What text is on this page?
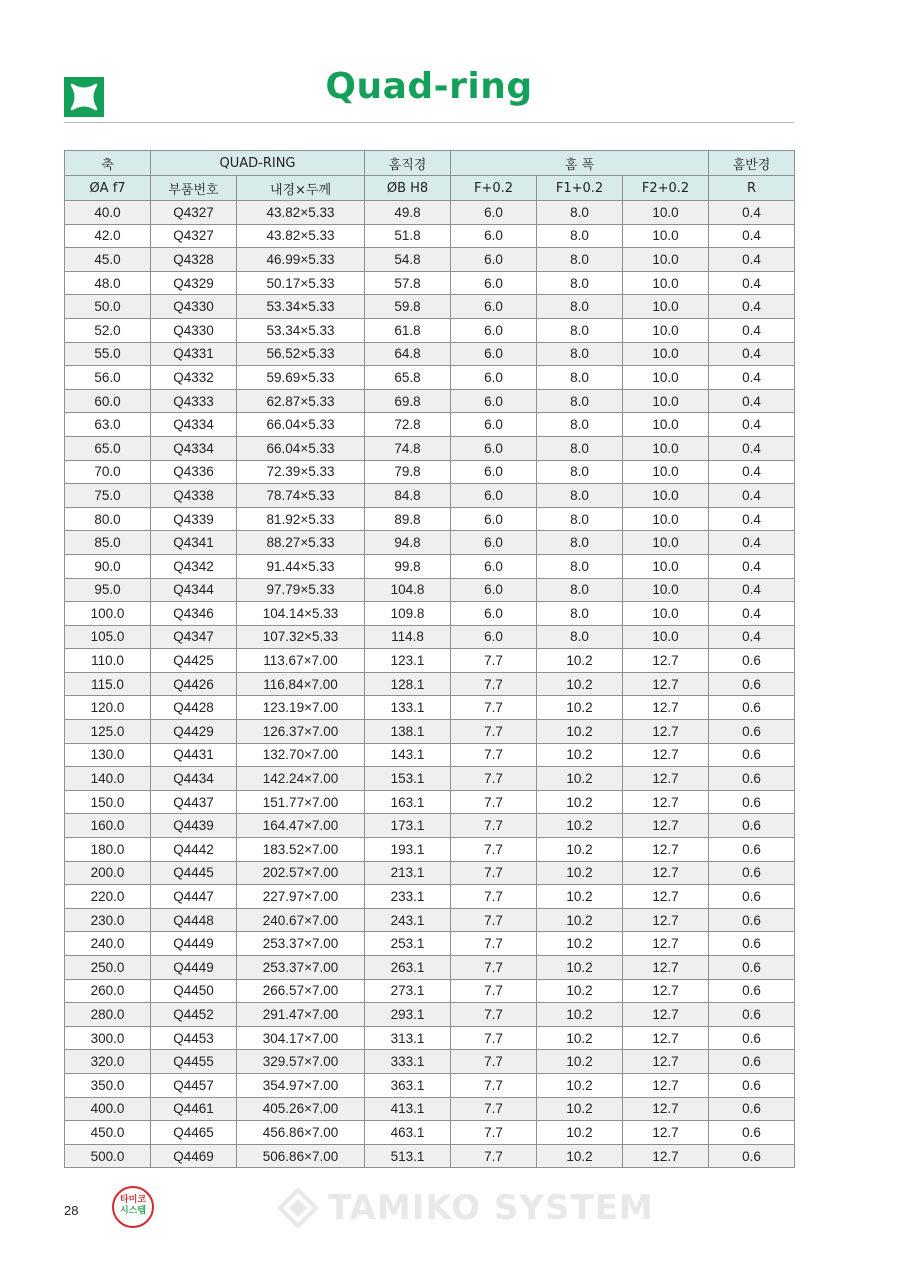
Quad-ring
축	QUAD-RING		홈직경	홈 폭			홈반경
ØA f7	부품번호	내경×두께	ØB H8	F+0.2	F1+0.2	F2+0.2	R
40.0	Q4327	43.82×5.33	49.8	6.0	8.0	10.0	0.4
42.0	Q4327	43.82×5.33	51.8	6.0	8.0	10.0	0.4
45.0	Q4328	46.99×5.33	54.8	6.0	8.0	10.0	0.4
48.0	Q4329	50.17×5.33	57.8	6.0	8.0	10.0	0.4
50.0	Q4330	53.34×5.33	59.8	6.0	8.0	10.0	0.4
52.0	Q4330	53.34×5.33	61.8	6.0	8.0	10.0	0.4
55.0	Q4331	56.52×5.33	64.8	6.0	8.0	10.0	0.4
56.0	Q4332	59.69×5.33	65.8	6.0	8.0	10.0	0.4
60.0	Q4333	62.87×5.33	69.8	6.0	8.0	10.0	0.4
63.0	Q4334	66.04×5.33	72.8	6.0	8.0	10.0	0.4
65.0	Q4334	66.04×5.33	74.8	6.0	8.0	10.0	0.4
70.0	Q4336	72.39×5.33	79.8	6.0	8.0	10.0	0.4
75.0	Q4338	78.74×5.33	84.8	6.0	8.0	10.0	0.4
80.0	Q4339	81.92×5.33	89.8	6.0	8.0	10.0	0.4
85.0	Q4341	88.27×5.33	94.8	6.0	8.0	10.0	0.4
90.0	Q4342	91.44×5.33	99.8	6.0	8.0	10.0	0.4
95.0	Q4344	97.79×5.33	104.8	6.0	8.0	10.0	0.4
100.0	Q4346	104.14×5.33	109.8	6.0	8.0	10.0	0.4
105.0	Q4347	107.32×5.33	114.8	6.0	8.0	10.0	0.4
110.0	Q4425	113.67×7.00	123.1	7.7	10.2	12.7	0.6
115.0	Q4426	116.84×7.00	128.1	7.7	10.2	12.7	0.6
120.0	Q4428	123.19×7.00	133.1	7.7	10.2	12.7	0.6
125.0	Q4429	126.37×7.00	138.1	7.7	10.2	12.7	0.6
130.0	Q4431	132.70×7.00	143.1	7.7	10.2	12.7	0.6
140.0	Q4434	142.24×7.00	153.1	7.7	10.2	12.7	0.6
150.0	Q4437	151.77×7.00	163.1	7.7	10.2	12.7	0.6
160.0	Q4439	164.47×7.00	173.1	7.7	10.2	12.7	0.6
180.0	Q4442	183.52×7.00	193.1	7.7	10.2	12.7	0.6
200.0	Q4445	202.57×7.00	213.1	7.7	10.2	12.7	0.6
220.0	Q4447	227.97×7.00	233.1	7.7	10.2	12.7	0.6
230.0	Q4448	240.67×7.00	243.1	7.7	10.2	12.7	0.6
240.0	Q4449	253.37×7.00	253.1	7.7	10.2	12.7	0.6
250.0	Q4449	253.37×7.00	263.1	7.7	10.2	12.7	0.6
260.0	Q4450	266.57×7.00	273.1	7.7	10.2	12.7	0.6
280.0	Q4452	291.47×7.00	293.1	7.7	10.2	12.7	0.6
300.0	Q4453	304.17×7.00	313.1	7.7	10.2	12.7	0.6
320.0	Q4455	329.57×7.00	333.1	7.7	10.2	12.7	0.6
350.0	Q4457	354.97×7.00	363.1	7.7	10.2	12.7	0.6
400.0	Q4461	405.26×7.00	413.1	7.7	10.2	12.7	0.6
450.0	Q4465	456.86×7.00	463.1	7.7	10.2	12.7	0.6
500.0	Q4469	506.86×7.00	513.1	7.7	10.2	12.7	0.6
28
타미코
시스템	TAMIKO SYSTEM
